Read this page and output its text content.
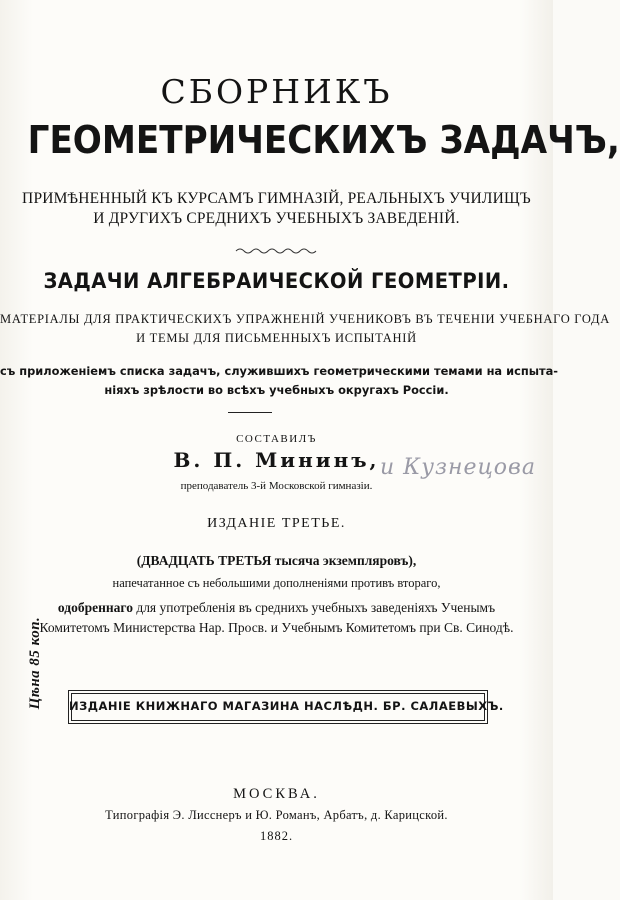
СБОРНИКЪ
ГЕОМЕТРИЧЕСКИХЪ ЗАДАЧЪ,
ПРИМѢНЕННЫЙ КЪ КУРСАМЪ ГИМНАЗІЙ, РЕАЛЬНЫХЪ УЧИЛИЩЪ
И ДРУГИХЪ СРЕДНИХЪ УЧЕБНЫХЪ ЗАВЕДЕНІЙ.
ЗАДАЧИ АЛГЕБРАИЧЕСКОЙ ГЕОМЕТРІИ.
МАТЕРІАЛЫ ДЛЯ ПРАКТИЧЕСКИХЪ УПРАЖНЕНІЙ УЧЕНИКОВЪ ВЪ ТЕЧЕНІИ УЧЕБНАГО ГОДА
И ТЕМЫ ДЛЯ ПИСЬМЕННЫХЪ ИСПЫТАНІЙ
съ приложеніемъ списка задачъ, служившихъ геометрическими темами на испыта-
ніяхъ зрѣлости во всѣхъ учебныхъ округахъ Россіи.
СОСТАВИЛЪ
В. П. Мининъ, и Кузнецова
преподаватель 3-й Московской гимназіи.
ИЗДАНІЕ ТРЕТЬЕ.
(ДВАДЦАТЬ ТРЕТЬЯ тысяча экземпляровъ),
напечатанное съ небольшими дополненіями противъ втораго,
одобреннаго для употребленія въ среднихъ учебныхъ заведеніяхъ Ученымъ
Комитетомъ Министерства Нар. Просв. и Учебнымъ Комитетомъ при Св. Синодѣ.
Цѣна 85 коп.	ИЗДАНІЕ КНИЖНАГО МАГАЗИНА НАСЛѢДН. БР. САЛАЕВЫХЪ.
МОСКВА.
Типографія Э. Лисснеръ и Ю. Романъ, Арбатъ, д. Карицской.
1882.
